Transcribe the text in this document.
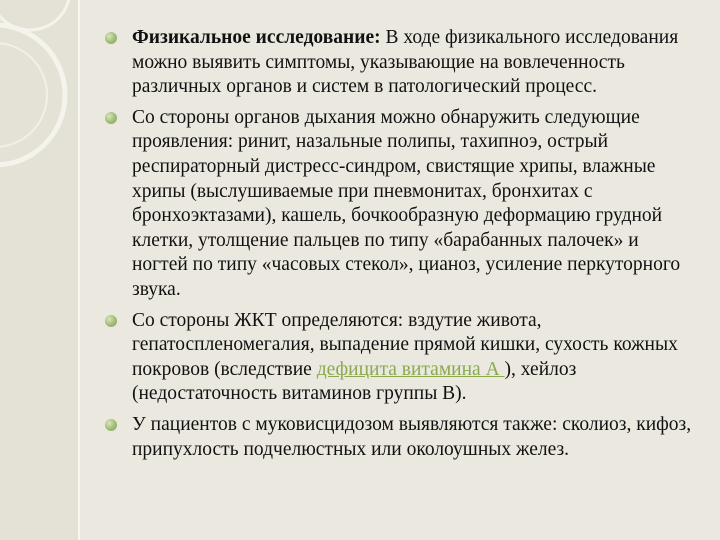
Физикальное исследование: В ходе физикального исследования можно выявить симптомы, указывающие на вовлеченность различных органов и систем в патологический процесс.
Со стороны органов дыхания можно обнаружить следующие проявления: ринит, назальные полипы, тахипноэ, острый респираторный дистресс-синдром, свистящие хрипы, влажные хрипы (выслушиваемые при пневмонитах, бронхитах с бронхоэктазами), кашель, бочкообразную деформацию грудной клетки, утолщение пальцев по типу «барабанных палочек» и ногтей по типу «часовых стекол», цианоз, усиление перкуторного звука.
Со стороны ЖКТ определяются: вздутие живота, гепатоспленомегалия, выпадение прямой кишки, сухость кожных покровов (вследствие дефицита витамина А ), хейлоз (недостаточность витаминов группы В).
У пациентов с муковисцидозом выявляются также: сколиоз, кифоз, припухлость подчелюстных или околоушных желез.
